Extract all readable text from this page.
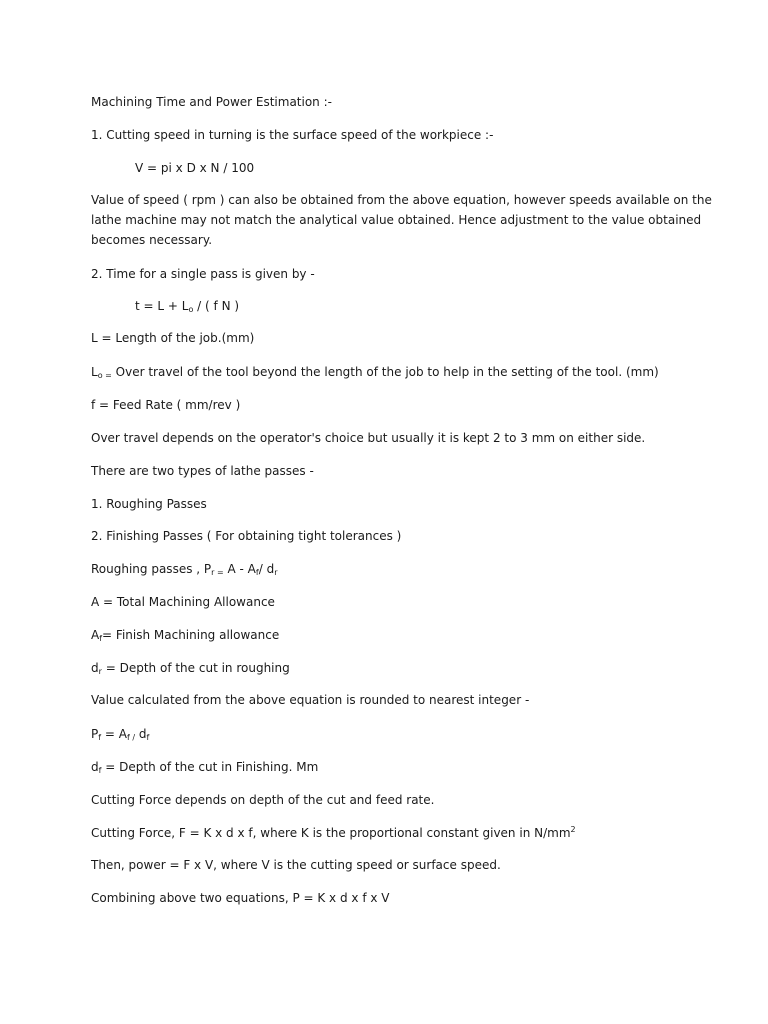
Machining Time and Power Estimation :-
1. Cutting speed in turning is the surface speed of the workpiece :-
V = pi x D x N / 100
Value of speed ( rpm ) can also be obtained from the above equation, however speeds available on the
lathe machine may not match the analytical value obtained. Hence adjustment to the value obtained
becomes necessary.
2. Time for a single pass is given by -
$t = L + L_o$ / ( f N )
L = Length of the job.(mm)
$L_{o =}$ Over travel of the tool beyond the length of the job to help in the setting of the tool. (mm)
f = Feed Rate ( mm/rev )
Over travel depends on the operator's choice but usually it is kept 2 to 3 mm on either side.
There are two types of lathe passes -
1. Roughing Passes
2. Finishing Passes ( For obtaining tight tolerances )
Roughing passes , $P_{r =}$ A - $A_f/$ $d_r$
A = Total Machining Allowance
$A_f=$ Finish Machining allowance
$d_r$ = Depth of the cut in roughing
Value calculated from the above equation is rounded to nearest integer -
$P_f = A_{f /}$ $d_f$
$d_f$ = Depth of the cut in Finishing. Mm
Cutting Force depends on depth of the cut and feed rate.
Cutting Force, F = K x d x f, where K is the proportional constant given in $N/mm^2$
Then, power = F x V, where V is the cutting speed or surface speed.
Combining above two equations, P = K x d x f x V
